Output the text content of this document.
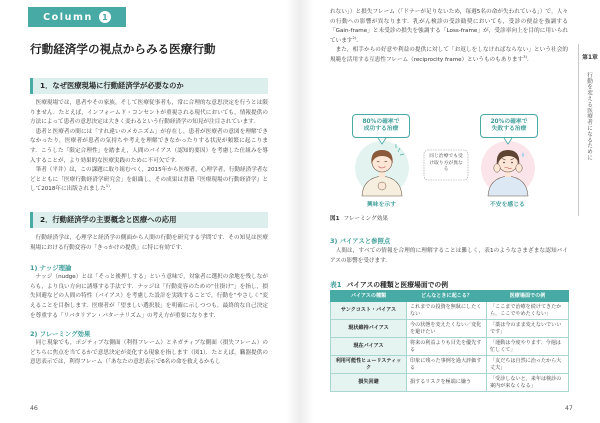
Column	1
行動経済学の視点からみる医療行動
1．なぜ医療現場に行動経済学が必要なのか

医療現場では，患者やその家族，そして医療従事者も，常に合理的な意思決定を行うとは限りません．たとえば，インフォームド・コンセントが重視される現代においても，情報提供の方法によって患者の意思決定は大きく変わるという行動経済学の知見が注目されています．

患者と医療者の間には「すれ違いのメカニズム」が存在し，患者が医療者の意図を理解できなかったり，医療者が患者の気持ちや考えを理解できなかったりする状況が頻繁に起こります．こうした「限定合理性」を踏まえ，人間のバイアス（認知的要因）を考慮した仕組みを導入することが，より効果的な医療実践のために不可欠です．

筆者（平井）は，この課題に取り組むべく，2015年から医療者，心理学者，行動経済学者などとともに「医療行動経済学研究会」を組織し，その成果は書籍『医療現場の行動経済学』として2018年に出版されました$^{1)}$．

2．行動経済学の主要概念と医療への応用

行動経済学は，心理学と経済学の側面から人間の行動を研究する学問です．その知見は医療現場における行動変容の「きっかけの提供」に特に有効です．

1) ナッジ理論

ナッジ（nudge）とは「そっと後押しする」という意味で，対象者に選択の余地を残しながらも，より良い方向に誘導する手法です．ナッジは「行動変容のための“仕掛け”」を指し，損失回避などの人間の特性（バイアス）を考慮した設計を実践することで，行動を“やさしく”変えることを目指します．医療者が「望ましい選択肢」を明確に示しつつも，最終的な自己決定を尊重する「リバタリアン・パターナリズム」の考え方が重要になります．

2) フレーミング効果

同じ現象でも，ポジティブな側面（利得フレーム）とネガティブな側面（損失フレーム）のどちらに焦点を当てるかで意思決定が変化する現象を指します（図1）．たとえば，臓器提供の意思表示では，利得フレーム（「あなたの意思表示で6名の命を救えるかもし

46

れない」）と損失フレーム（「ドナーが足りないため，毎週5名の命が失われている」）で，人々の行動への影響が異なります．乳がん検診の受診勧奨においても，受診の便益を強調する「Gain-frame」と未受診の損失を強調する「Loss-frame」が，受診率向上を目的に用いられています$^{2)}$．

また，相手からの好意や利益の提供に対して「お返しをしなければならない」という社会的規範を活用する互恵性フレーム（reciprocity frame）というものもあります$^{3)}$．

80%の確率で成功する治療
20%の確率で失敗する治療
同じ治療でも受け取り方が異なる
興味を示す	不安を感じる
図1 フレーミング効果
3) バイアスと参照点

人間は，すべての情報を合理的に理解することは難しく，表1のようなさまざまな認知バイアスの影響を受けます．

表1 バイアスの種類と医療場面での例
バイアスの種類	どんなときに起こる？	医療場面での例
サンクコスト・バイアス	これまでの投資を無駄にしたくない	「ここまで治療を続けてきたから，ここでやめたくない」
現状維持バイアス	今の状態を変えたくない／変化を避けたい	「薬は今のまま変えないでいいです」
現在バイアス	将来の利益よりも目先を優先する	「運動は今度やります．今週は忙しくて」
利用可能性ヒューリスティック	印象に残った事例を過大評価する	「友だちは自然に治ったから大丈夫」
損失回避	損するリスクを極端に嫌う	「受診しないと，来年は検診の案内が来なくなる」
第1章
行動を変える医療者になるために
47
